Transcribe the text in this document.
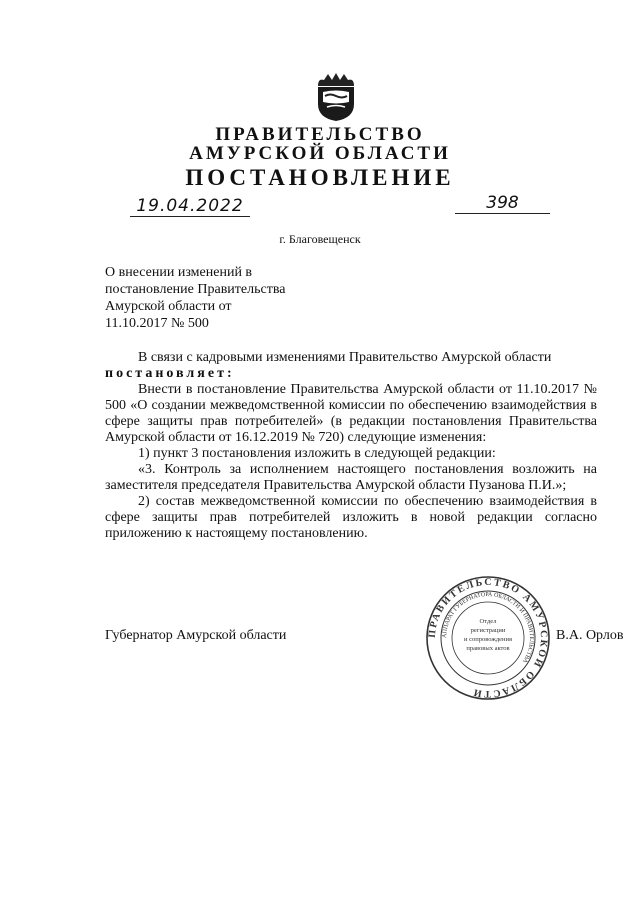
ПРАВИТЕЛЬСТВО
АМУРСКОЙ ОБЛАСТИ
ПОСТАНОВЛЕНИЕ
19.04.2022	398
г. Благовещенск
О внесении изменений в
постановление Правительства
Амурской области от
11.10.2017 № 500

В связи с кадровыми изменениями Правительство Амурской области

постановляет:

Внести в постановление Правительства Амурской области от 11.10.2017 № 500 «О создании межведомственной комиссии по обеспечению взаимодействия в сфере защиты прав потребителей» (в редакции постановления Правительства Амурской области от 16.12.2019 № 720) следующие изменения:

1) пункт 3 постановления изложить в следующей редакции:

«3. Контроль за исполнением настоящего постановления возложить на заместителя председателя Правительства Амурской области Пузанова П.И.»;

2) состав межведомственной комиссии по обеспечению взаимодействия в сфере защиты прав потребителей изложить в новой редакции согласно приложению к настоящему постановлению.

Губернатор Амурской области	ПРАВИТЕЛЬСТВО АМУРСКОЙ ОБЛАСТИ
АППАРАТ ГУБЕРНАТОРА ОБЛАСТИ И ПРАВИТЕЛЬСТВА
Отдел регистрации и сопровождения правовых актов
В.А. Орлов
